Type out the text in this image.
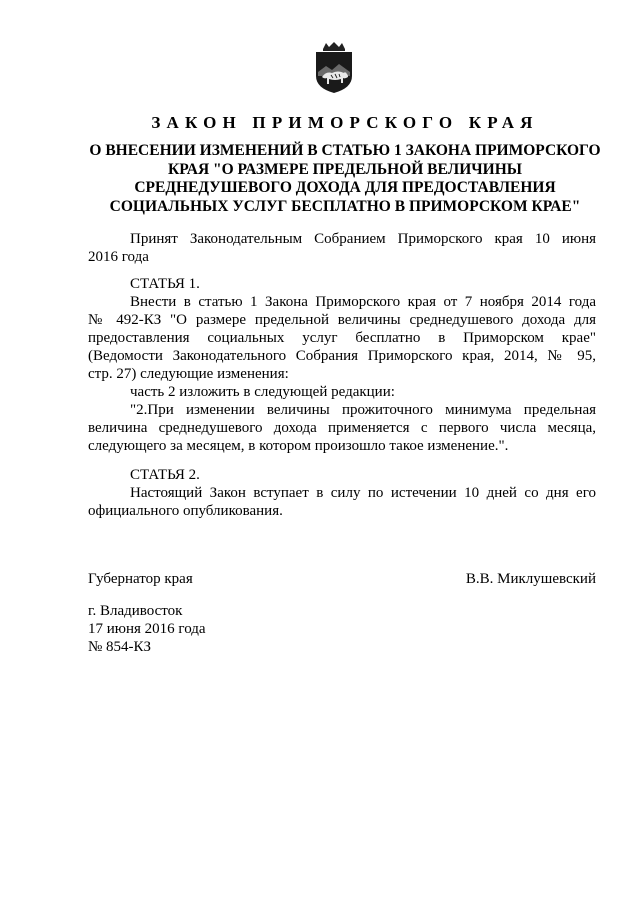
ЗАКОН ПРИМОРСКОГО КРАЯ
О ВНЕСЕНИИ ИЗМЕНЕНИЙ В СТАТЬЮ 1 ЗАКОНА ПРИМОРСКОГО
КРАЯ "О РАЗМЕРЕ ПРЕДЕЛЬНОЙ ВЕЛИЧИНЫ
СРЕДНЕДУШЕВОГО ДОХОДА ДЛЯ ПРЕДОСТАВЛЕНИЯ
СОЦИАЛЬНЫХ УСЛУГ БЕСПЛАТНО В ПРИМОРСКОМ КРАЕ"
Принят Законодательным Собранием Приморского края 10 июня
2016 года
СТАТЬЯ 1.
Внести в статью 1 Закона Приморского края от 7 ноября 2014 года
№ 492-КЗ "О размере предельной величины среднедушевого дохода для
предоставления социальных услуг бесплатно в Приморском крае"
(Ведомости Законодательного Собрания Приморского края, 2014, № 95,
стр. 27) следующие изменения:
часть 2 изложить в следующей редакции:
"2.При изменении величины прожиточного минимума предельная
величина среднедушевого дохода применяется с первого числа месяца,
следующего за месяцем, в котором произошло такое изменение.".
СТАТЬЯ 2.
Настоящий Закон вступает в силу по истечении 10 дней со дня его
официального опубликования.
Губернатор края	В.В. Миклушевский
г. Владивосток
17 июня 2016 года
№ 854-КЗ
